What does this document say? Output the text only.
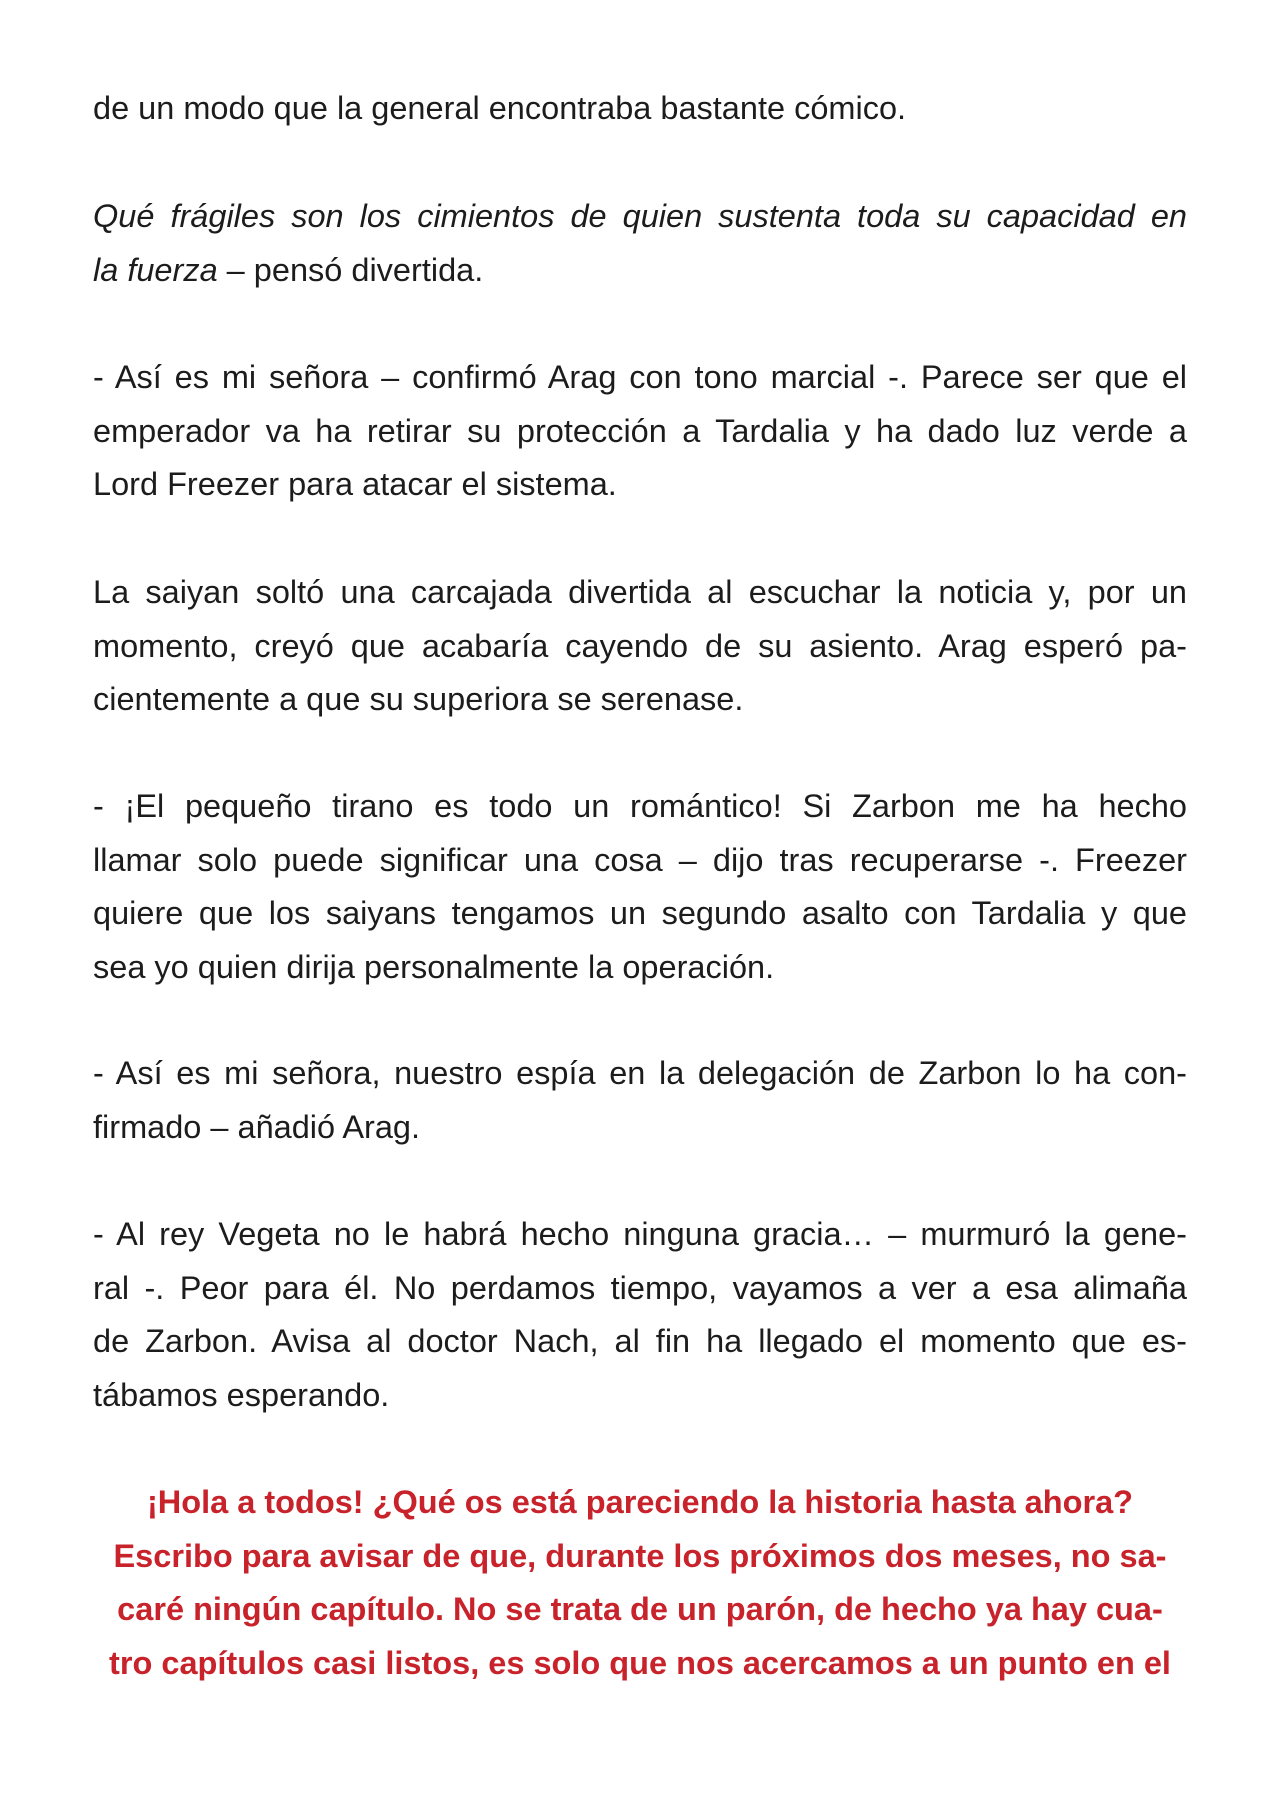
de un modo que la general encontraba bastante cómico.
Qué frágiles son los cimientos de quien sustenta toda su capacidad en
la fuerza – pensó divertida.
- Así es mi señora – confirmó Arag con tono marcial -. Parece ser que el
emperador va ha retirar su protección a Tardalia y ha dado luz verde a
Lord Freezer para atacar el sistema.
La saiyan soltó una carcajada divertida al escuchar la noticia y, por un
momento, creyó que acabaría cayendo de su asiento. Arag esperó pa-
cientemente a que su superiora se serenase.
- ¡El pequeño tirano es todo un romántico! Si Zarbon me ha hecho
llamar solo puede significar una cosa – dijo tras recuperarse -. Freezer
quiere que los saiyans tengamos un segundo asalto con Tardalia y que
sea yo quien dirija personalmente la operación.
- Así es mi señora, nuestro espía en la delegación de Zarbon lo ha con-
firmado – añadió Arag.
- Al rey Vegeta no le habrá hecho ninguna gracia… – murmuró la gene-
ral -. Peor para él. No perdamos tiempo, vayamos a ver a esa alimaña
de Zarbon. Avisa al doctor Nach, al fin ha llegado el momento que es-
tábamos esperando.
¡Hola a todos! ¿Qué os está pareciendo la historia hasta ahora?
Escribo para avisar de que, durante los próximos dos meses, no sa-
caré ningún capítulo. No se trata de un parón, de hecho ya hay cua-
tro capítulos casi listos, es solo que nos acercamos a un punto en el
